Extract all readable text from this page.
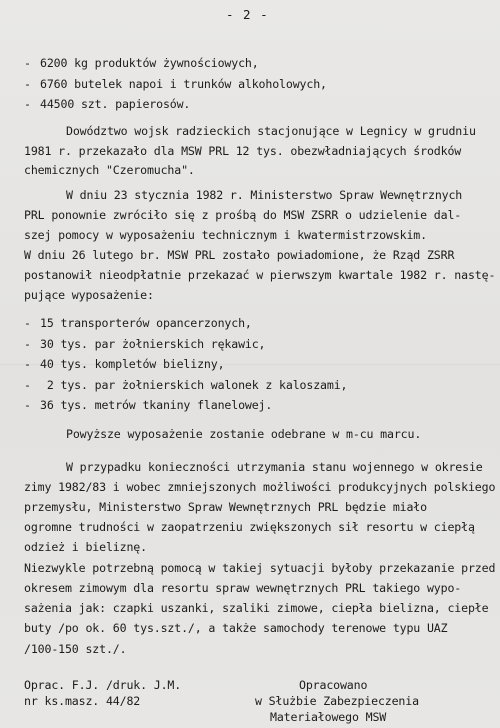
- 2 -
- 6200 kg produktów żywnościowych,
- 6760 butelek napoi i trunków alkoholowych,
- 44500 szt. papierosów.
Dowództwo wojsk radzieckich stacjonujące w Legnicy w grudniu
1981 r. przekazało dla MSW PRL 12 tys. obezwładniających środków
chemicznych "Czeromucha".
W dniu 23 stycznia 1982 r. Ministerstwo Spraw Wewnętrznych
PRL ponownie zwróciło się z prośbą do MSW ZSRR o udzielenie dal-
szej pomocy w wyposażeniu technicznym i kwatermistrzowskim.
W dniu 26 lutego br. MSW PRL zostało powiadomione, że Rząd ZSRR
postanowił nieodpłatnie przekazać w pierwszym kwartale 1982 r. nastę-
pujące wyposażenie:
- 15 transporterów opancerzonych,
- 30 tys. par żołnierskich rękawic,
- 40 tys. kompletów bielizny,
- 2 tys. par żołnierskich walonek z kaloszami,
- 36 tys. metrów tkaniny flanelowej.
Powyższe wyposażenie zostanie odebrane w m-cu marcu.
W przypadku konieczności utrzymania stanu wojennego w okresie
zimy 1982/83 i wobec zmniejszonych możliwości produkcyjnych polskiego
przemysłu, Ministerstwo Spraw Wewnętrznych PRL będzie miało
ogromne trudności w zaopatrzeniu zwiększonych sił resortu w ciepłą
odzież i bieliznę.
Niezwykle potrzebną pomocą w takiej sytuacji byłoby przekazanie przed
okresem zimowym dla resortu spraw wewnętrznych PRL takiego wypo-
sażenia jak: czapki uszanki, szaliki zimowe, ciepła bielizna, ciepłe
buty /po ok. 60 tys.szt./, a także samochody terenowe typu UAZ
/100-150 szt./.
Oprac. F.J. /druk. J.M.
nr ks.masz. 44/82
Opracowano
w Służbie Zabezpieczenia
Materiałowego MSW
